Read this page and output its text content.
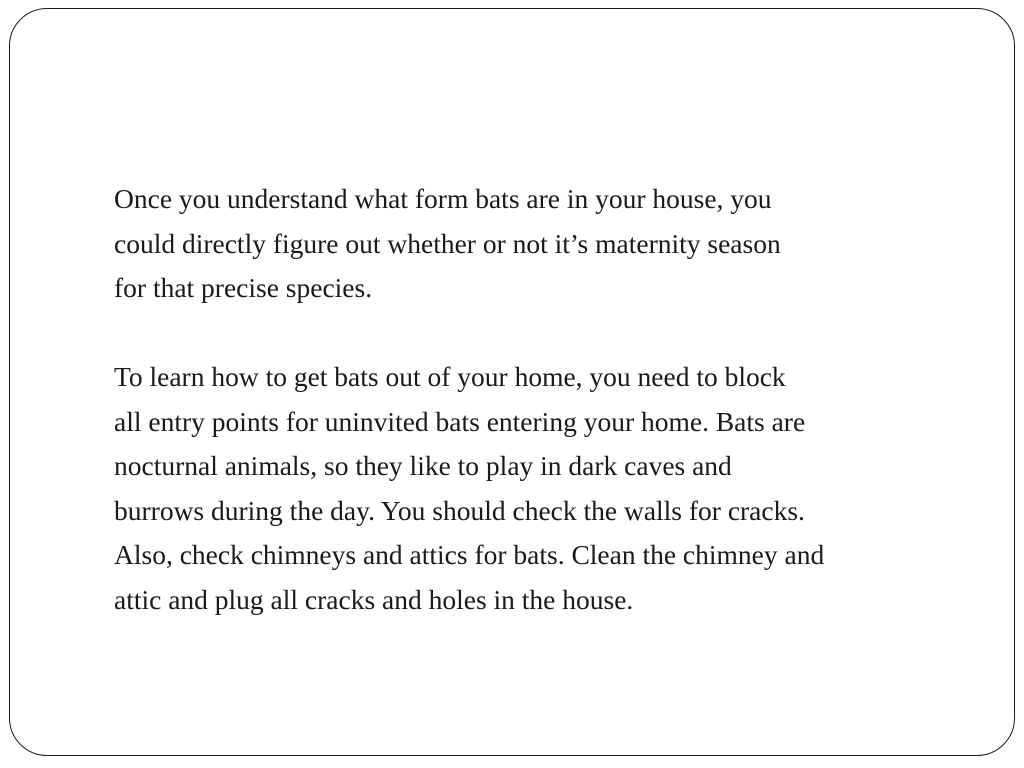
Once you understand what form bats are in your house, you
could directly figure out whether or not it’s maternity season
for that precise species.

To learn how to get bats out of your home, you need to block
all entry points for uninvited bats entering your home. Bats are
nocturnal animals, so they like to play in dark caves and
burrows during the day. You should check the walls for cracks.
Also, check chimneys and attics for bats. Clean the chimney and
attic and plug all cracks and holes in the house.
